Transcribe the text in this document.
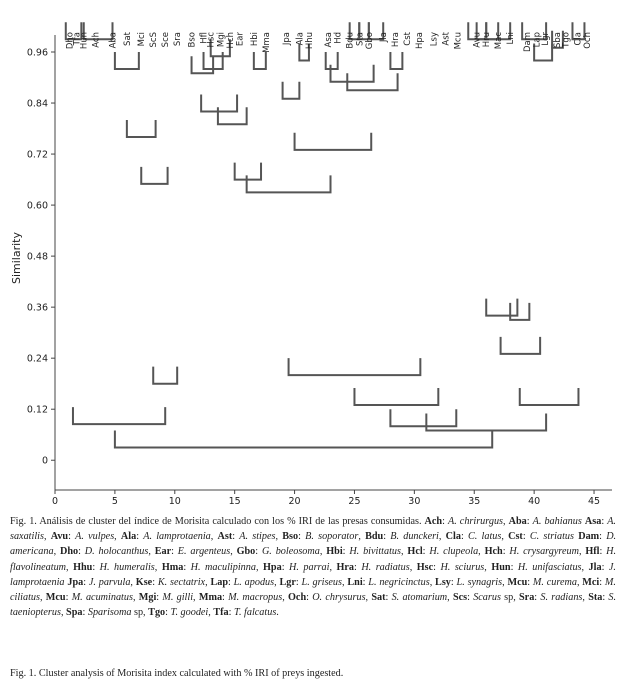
0
0.12
0.24
0.36
0.48
0.60
0.72
0.84
0.96
0	5	10	15	20	25	30	35	40	45
Dho
Tfa
Hun Ach Aba Sat Mci ScS Sce Sra Bso Hfl
Hsc Mgi Hch Ear Hbi Mma Jpa Ala Hhu Asa Hd Bdu Sta Gbo Jla Hra Cst Hpa Lsy Ast Mcu Avu Hru Mac Lni Dam Lap
Lgr Sba
Tgo Cla Och
Similarity
Fig. 1. Análisis de cluster del índice de Morisita calculado con los % IRI de las presas consumidas. Ach: A. chrirurgus, Aba: A. bahianus Asa: A. saxatilis, Avu: A. vulpes, Ala: A. lamprotaenia, Ast: A. stipes, Bso: B. soporator, Bdu: B. dunckeri, Cla: C. latus, Cst: C. striatus Dam: D. americana, Dho: D. holocanthus, Ear: E. argenteus, Gbo: G. boleosoma, Hbi: H. bivittatus, Hcl: H. clupeola, Hch: H. crysargyreum, Hfl: H. flavolineatum, Hhu: H. humeralis, Hma: H. maculipinna, Hpa: H. parrai, Hra: H. radiatus, Hsc: H. sciurus, Hun: H. unifasciatus, Jla: J. lamprotaenia Jpa: J. parvula, Kse: K. sectatrix, Lap: L. apodus, Lgr: L. griseus, Lni: L. negricinctus, Lsy: L. synagris, Mcu: M. curema, Mci: M. ciliatus, Mcu: M. acuminatus, Mgi: M. gilli, Mma: M. macropus, Och: O. chrysurus, Sat: S. atomarium, Scs: Scarus sp, Sra: S. radians, Sta: S. taeniopterus, Spa: Sparisoma sp, Tgo: T. goodei, Tfa: T. falcatus.
Fig. 1. Cluster analysis of Morisita index calculated with % IRI of preys ingested.
